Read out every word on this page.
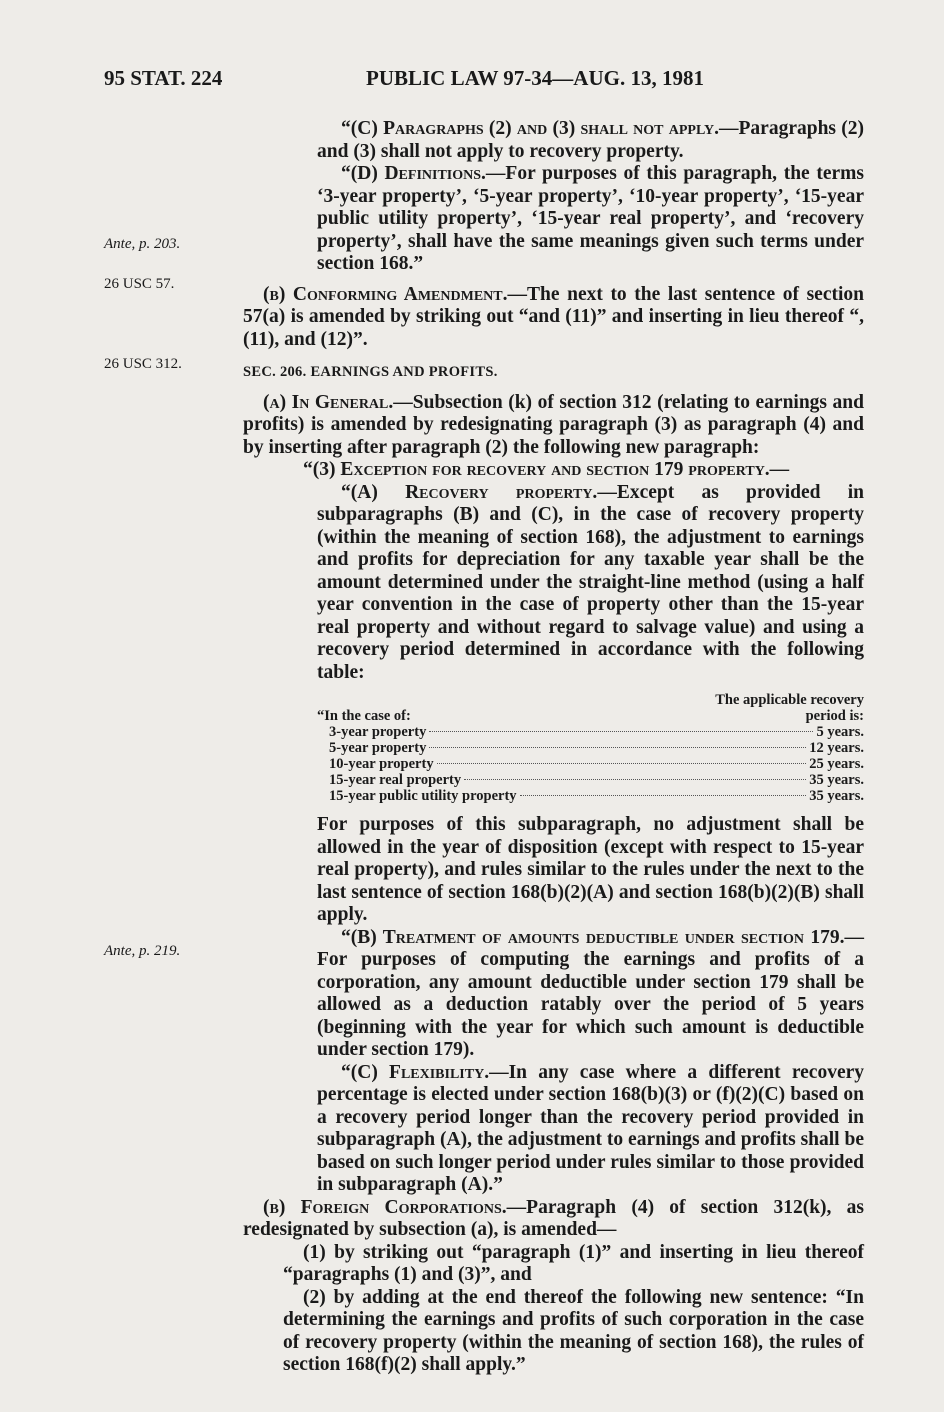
95 STAT. 224	PUBLIC LAW 97-34—AUG. 13, 1981
Ante, p. 203.
26 USC 57.
26 USC 312.
Ante, p. 219.

“(C) Paragraphs (2) and (3) shall not apply.—Paragraphs (2) and (3) shall not apply to recovery property.

“(D) Definitions.—For purposes of this paragraph, the terms ‘3-year property’, ‘5-year property’, ‘10-year property’, ‘15-year public utility property’, ‘15-year real property’, and ‘recovery property’, shall have the same meanings given such terms under section 168.”

(b) Conforming Amendment.—The next to the last sentence of section 57(a) is amended by striking out “and (11)” and inserting in lieu thereof “, (11), and (12)”.

SEC. 206. EARNINGS AND PROFITS.

(a) In General.—Subsection (k) of section 312 (relating to earnings and profits) is amended by redesignating paragraph (3) as paragraph (4) and by inserting after paragraph (2) the following new paragraph:

“(3) Exception for recovery and section 179 property.—

“(A) Recovery property.—Except as provided in subparagraphs (B) and (C), in the case of recovery property (within the meaning of section 168), the adjustment to earnings and profits for depreciation for any taxable year shall be the amount determined under the straight-line method (using a half year convention in the case of property other than the 15-year real property and without regard to salvage value) and using a recovery period determined in accordance with the following table:

The applicable recovery
“In the case of:	period is:
3-year property	5 years.
5-year property	12 years.
10-year property	25 years.
15-year real property	35 years.
15-year public utility property	35 years.

For purposes of this subparagraph, no adjustment shall be allowed in the year of disposition (except with respect to 15-year real property), and rules similar to the rules under the next to the last sentence of section 168(b)(2)(A) and section 168(b)(2)(B) shall apply.

“(B) Treatment of amounts deductible under section 179.—For purposes of computing the earnings and profits of a corporation, any amount deductible under section 179 shall be allowed as a deduction ratably over the period of 5 years (beginning with the year for which such amount is deductible under section 179).

“(C) Flexibility.—In any case where a different recovery percentage is elected under section 168(b)(3) or (f)(2)(C) based on a recovery period longer than the recovery period provided in subparagraph (A), the adjustment to earnings and profits shall be based on such longer period under rules similar to those provided in subparagraph (A).”

(b) Foreign Corporations.—Paragraph (4) of section 312(k), as redesignated by subsection (a), is amended—

(1) by striking out “paragraph (1)” and inserting in lieu thereof “paragraphs (1) and (3)”, and

(2) by adding at the end thereof the following new sentence: “In determining the earnings and profits of such corporation in the case of recovery property (within the meaning of section 168), the rules of section 168(f)(2) shall apply.”
